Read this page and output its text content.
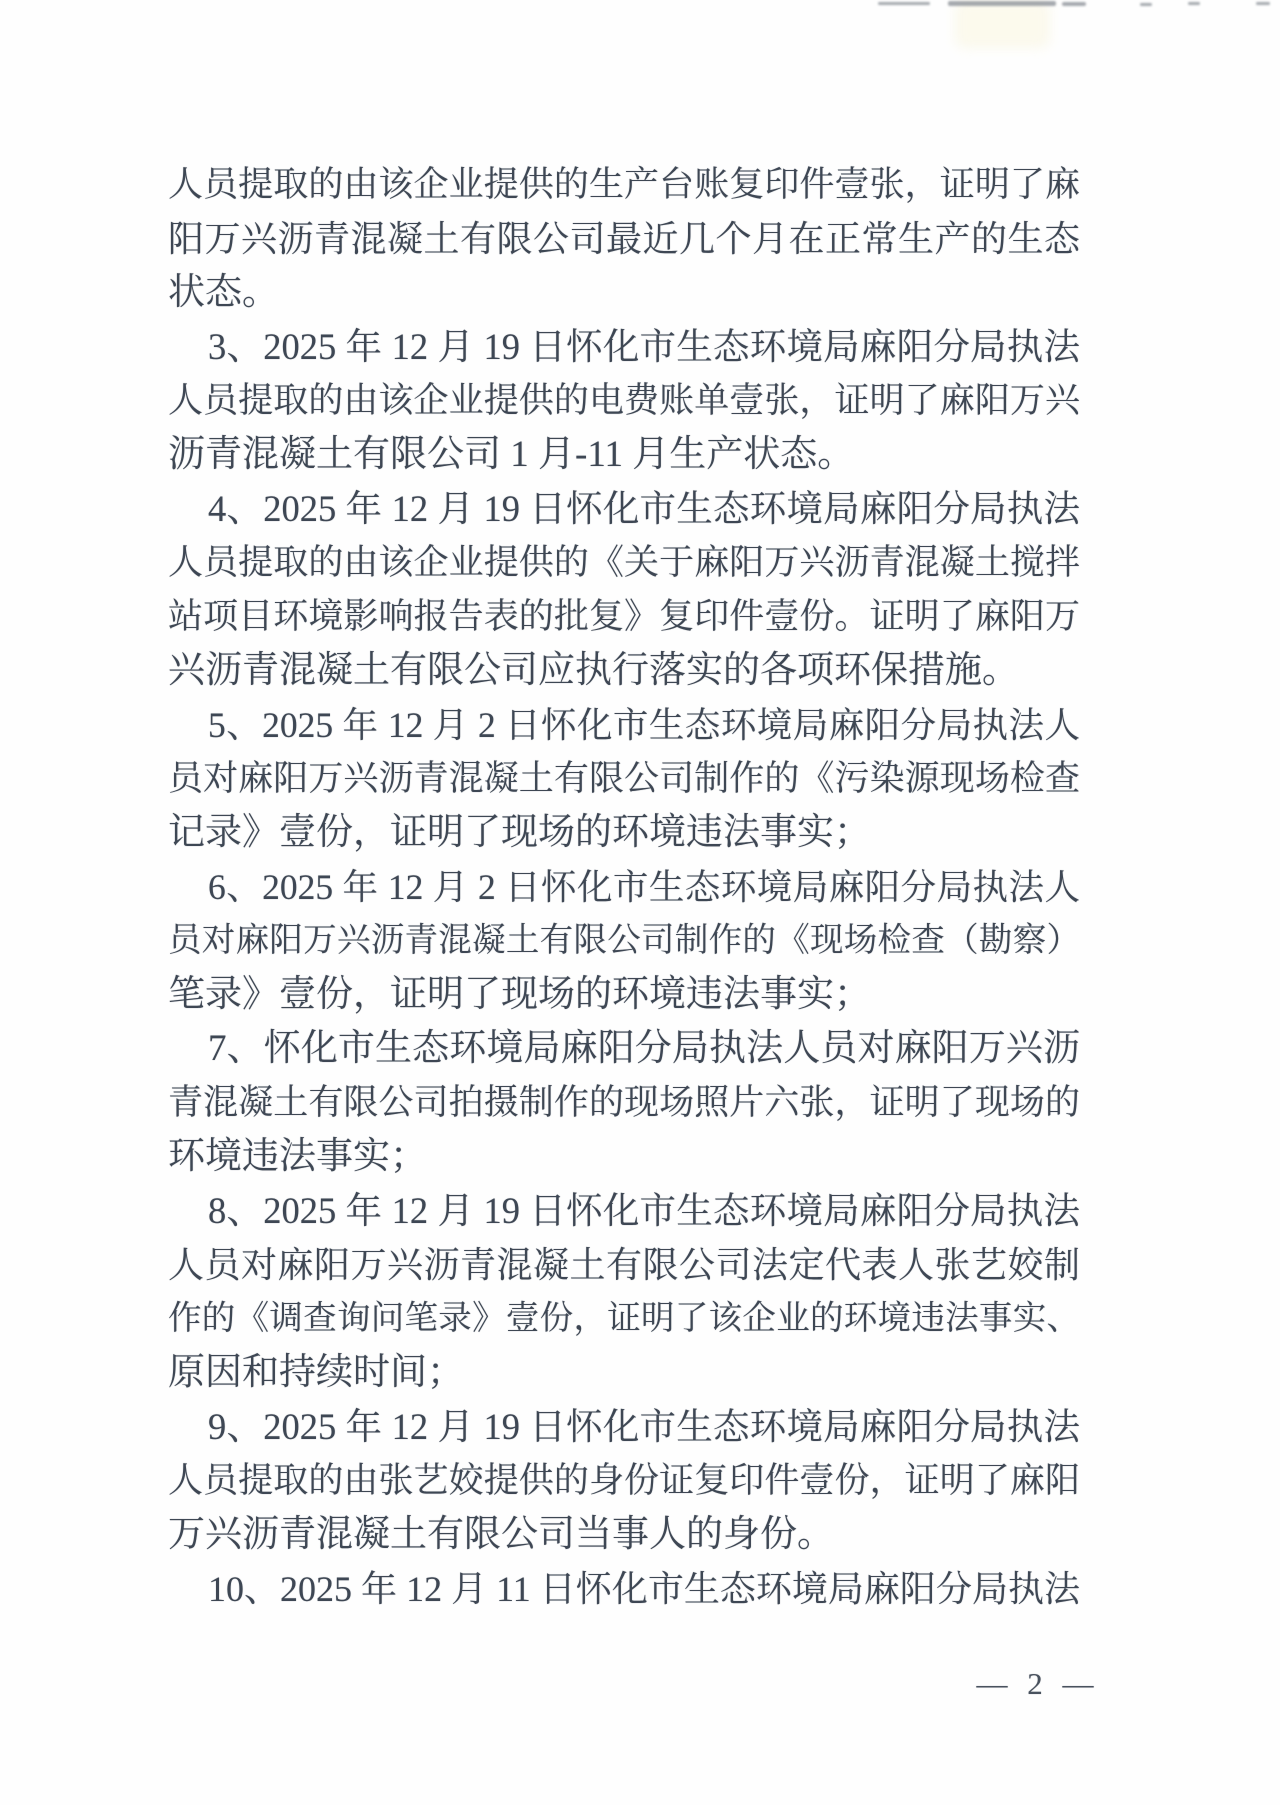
人员提取的由该企业提供的生产台账复印件壹张，证明了麻
阳万兴沥青混凝土有限公司最近几个月在正常生产的生态
状态。
3、2025 年 12 月 19 日怀化市生态环境局麻阳分局执法
人员提取的由该企业提供的电费账单壹张，证明了麻阳万兴
沥青混凝土有限公司 1 月-11 月生产状态。
4、2025 年 12 月 19 日怀化市生态环境局麻阳分局执法
人员提取的由该企业提供的《关于麻阳万兴沥青混凝土搅拌
站项目环境影响报告表的批复》复印件壹份。证明了麻阳万
兴沥青混凝土有限公司应执行落实的各项环保措施。
5、2025 年 12 月 2 日怀化市生态环境局麻阳分局执法人
员对麻阳万兴沥青混凝土有限公司制作的《污染源现场检查
记录》壹份，证明了现场的环境违法事实；
6、2025 年 12 月 2 日怀化市生态环境局麻阳分局执法人
员对麻阳万兴沥青混凝土有限公司制作的《现场检查（勘察）
笔录》壹份，证明了现场的环境违法事实；
7、怀化市生态环境局麻阳分局执法人员对麻阳万兴沥
青混凝土有限公司拍摄制作的现场照片六张，证明了现场的
环境违法事实；
8、2025 年 12 月 19 日怀化市生态环境局麻阳分局执法
人员对麻阳万兴沥青混凝土有限公司法定代表人张艺姣制
作的《调查询问笔录》壹份，证明了该企业的环境违法事实、
原因和持续时间；
9、2025 年 12 月 19 日怀化市生态环境局麻阳分局执法
人员提取的由张艺姣提供的身份证复印件壹份，证明了麻阳
万兴沥青混凝土有限公司当事人的身份。
10、2025 年 12 月 11 日怀化市生态环境局麻阳分局执法
— 2 —
